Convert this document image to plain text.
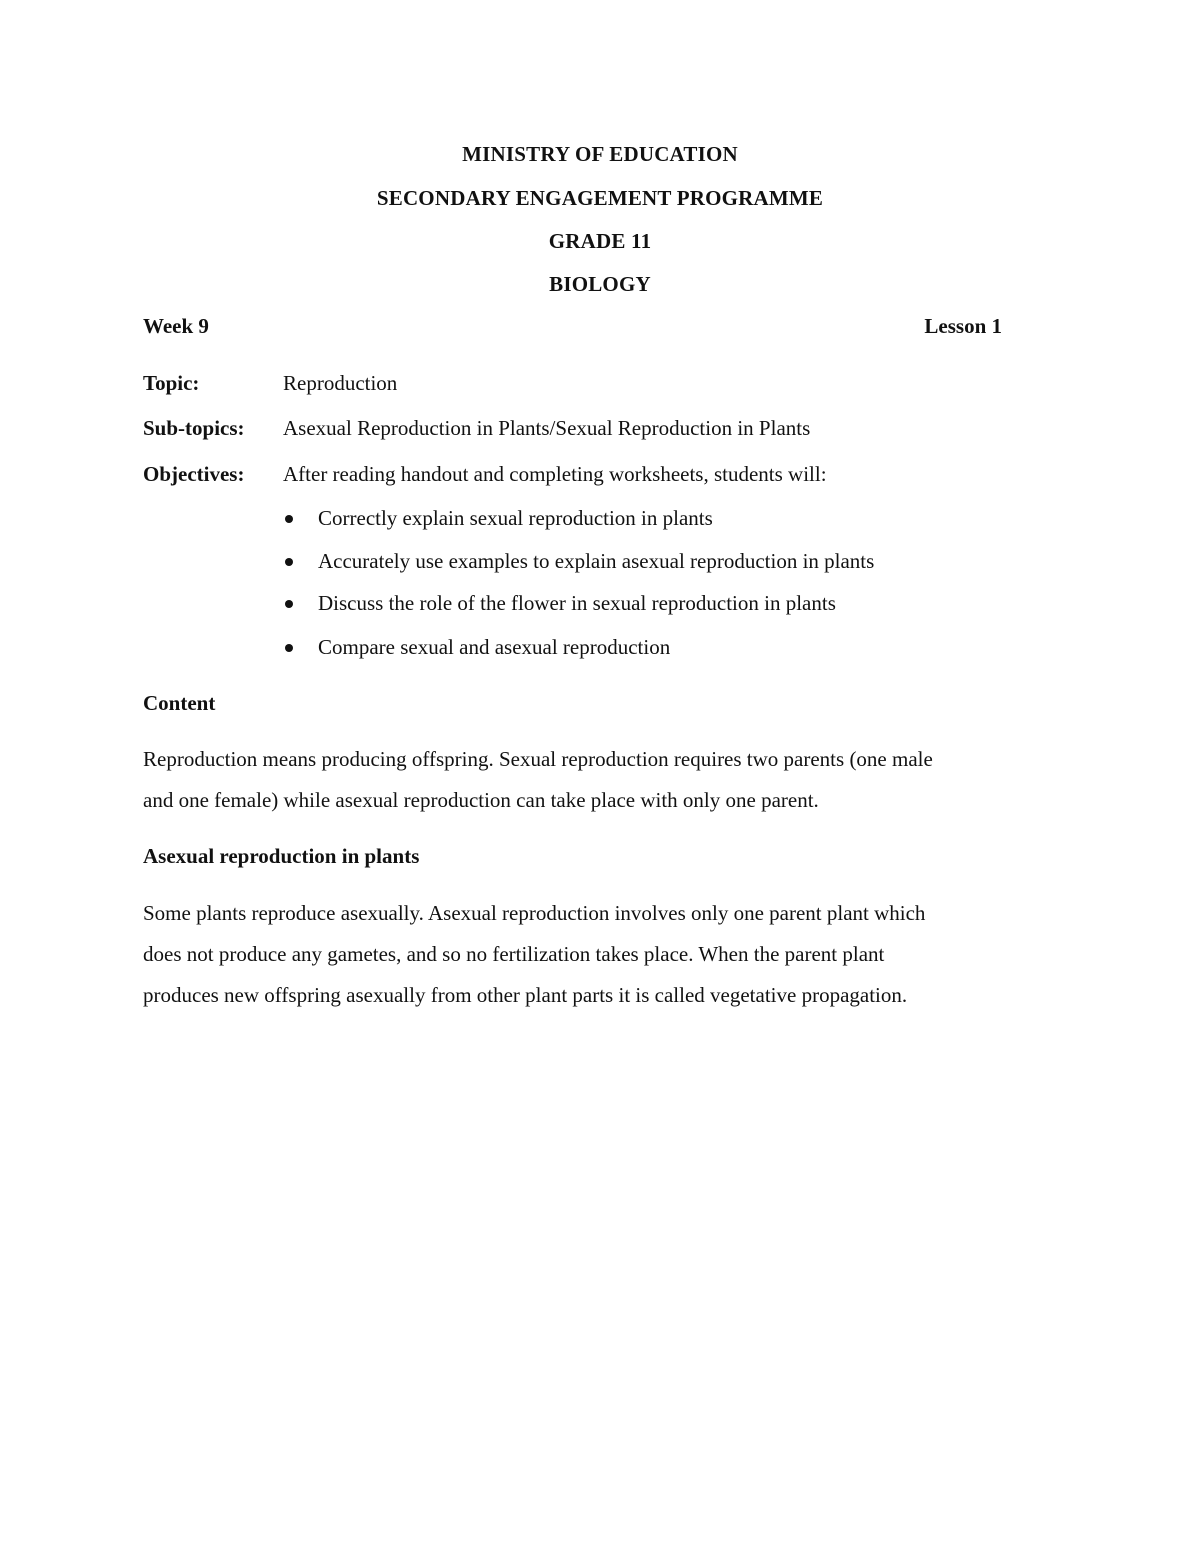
MINISTRY OF EDUCATION
SECONDARY ENGAGEMENT PROGRAMME
GRADE 11
BIOLOGY
Week 9	Lesson 1
Topic:	Reproduction
Sub-topics: Asexual Reproduction in Plants/Sexual Reproduction in Plants
Objectives: After reading handout and completing worksheets, students will:
Correctly explain sexual reproduction in plants
Accurately use examples to explain asexual reproduction in plants
Discuss the role of the flower in sexual reproduction in plants
Compare sexual and asexual reproduction
Content
Reproduction means producing offspring. Sexual reproduction requires two parents (one male
and one female) while asexual reproduction can take place with only one parent.
Asexual reproduction in plants
Some plants reproduce asexually. Asexual reproduction involves only one parent plant which
does not produce any gametes, and so no fertilization takes place. When the parent plant
produces new offspring asexually from other plant parts it is called vegetative propagation.
